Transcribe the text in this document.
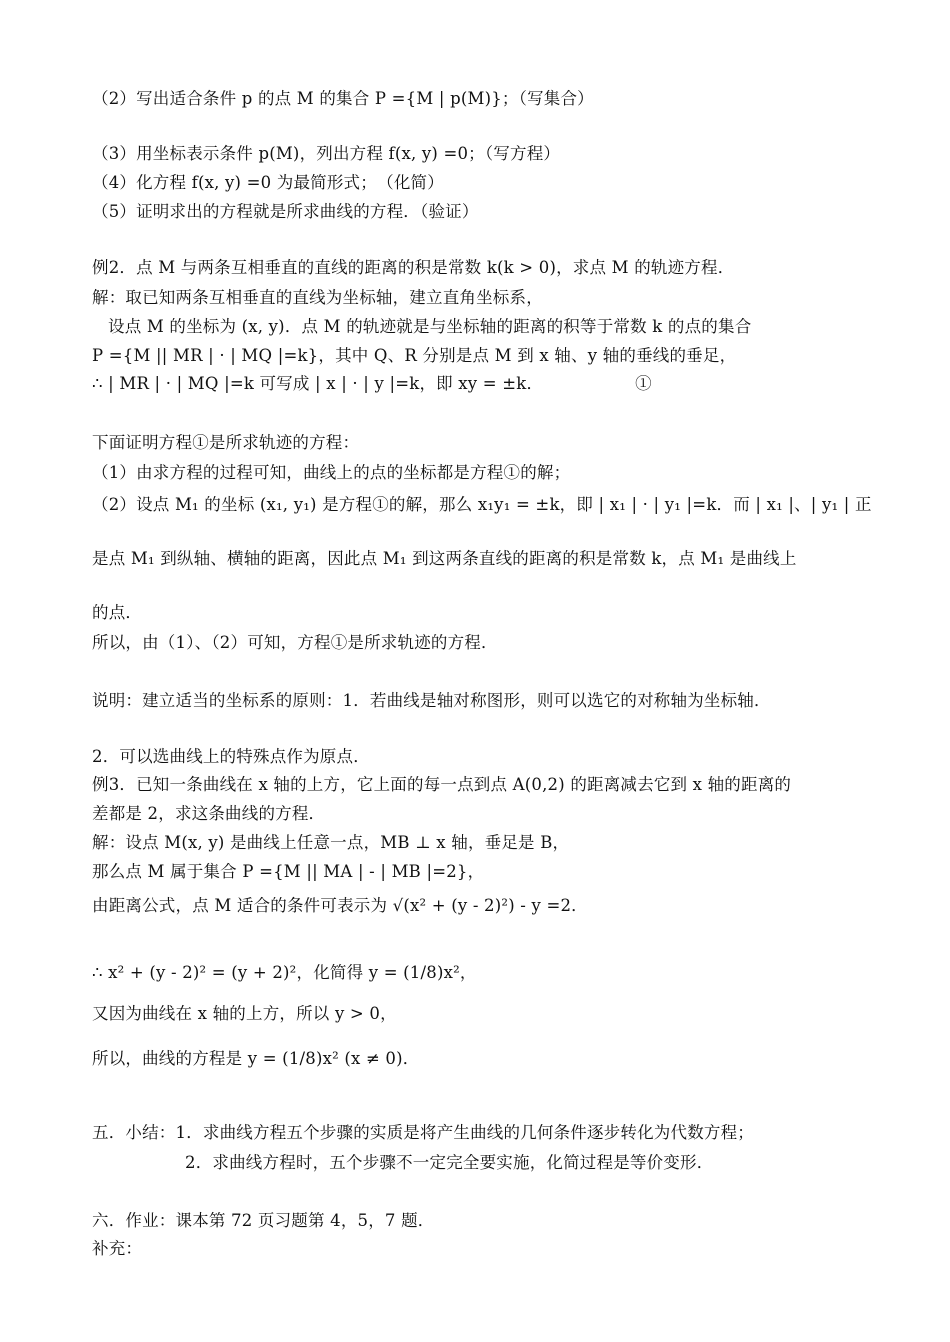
（2）写出适合条件 p 的点 M 的集合 P ={M | p(M)}；（写集合）
（3）用坐标表示条件 p(M)，列出方程 f(x, y) =0；（写方程）
（4）化方程 f(x, y) =0 为最简形式；　（化简）
（5）证明求出的方程就是所求曲线的方程．（验证）
例2．点 M 与两条互相垂直的直线的距离的积是常数 k(k > 0)，求点 M 的轨迹方程．
解：取已知两条互相垂直的直线为坐标轴，建立直角坐标系，
设点 M 的坐标为 (x, y)．点 M 的轨迹就是与坐标轴的距离的积等于常数 k 的点的集合
P ={M || MR | · | MQ |=k}，其中 Q、R 分别是点 M 到 x 轴、y 轴的垂线的垂足，
∴ | MR | · | MQ |=k 可写成 | x | · | y |=k，即 xy = ±k．　　　　　　①
下面证明方程①是所求轨迹的方程：
（1）由求方程的过程可知，曲线上的点的坐标都是方程①的解；
（2）设点 M₁ 的坐标 (x₁, y₁) 是方程①的解，那么 x₁y₁ = ±k，即 | x₁ | · | y₁ |=k．而 | x₁ |、| y₁ | 正
是点 M₁ 到纵轴、横轴的距离，因此点 M₁ 到这两条直线的距离的积是常数 k，点 M₁ 是曲线上
的点．
所以，由（1）、（2）可知，方程①是所求轨迹的方程．
说明：建立适当的坐标系的原则：1．若曲线是轴对称图形，则可以选它的对称轴为坐标轴．
2．可以选曲线上的特殊点作为原点．
例3．已知一条曲线在 x 轴的上方，它上面的每一点到点 A(0,2) 的距离减去它到 x 轴的距离的
差都是 2，求这条曲线的方程．
解：设点 M(x, y) 是曲线上任意一点，MB ⊥ x 轴，垂足是 B，
那么点 M 属于集合 P ={M || MA | - | MB |=2}，
由距离公式，点 M 适合的条件可表示为 √(x² + (y - 2)²) - y =2．
∴ x² + (y - 2)² = (y + 2)²，化简得 y = (1/8)x²，
又因为曲线在 x 轴的上方，所以 y > 0，
所以，曲线的方程是 y = (1/8)x² (x ≠ 0)．
五．小结：1．求曲线方程五个步骤的实质是将产生曲线的几何条件逐步转化为代数方程；
2．求曲线方程时，五个步骤不一定完全要实施，化简过程是等价变形．
六．作业：课本第 72 页习题第 4，5，7 题．
补充：
